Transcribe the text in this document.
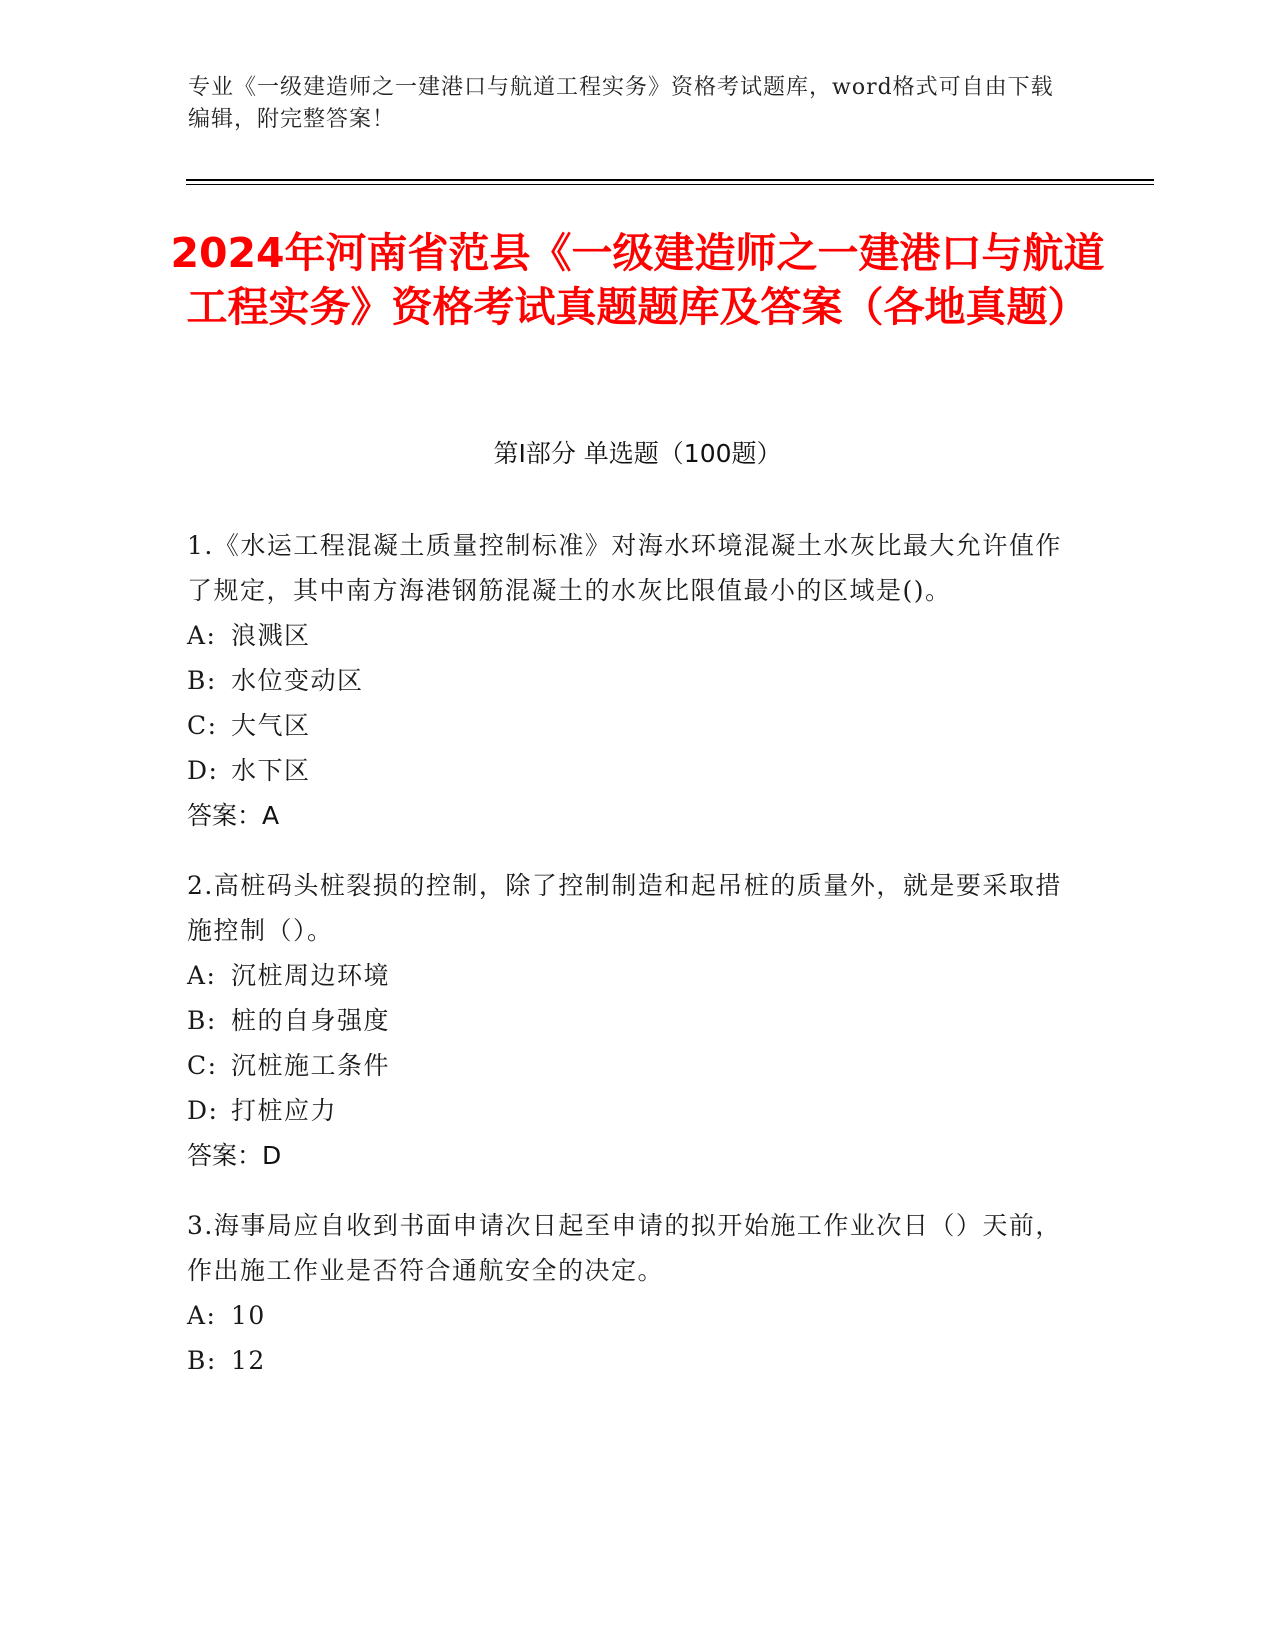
专业《一级建造师之一建港口与航道工程实务》资格考试题库，word格式可自由下载编辑，附完整答案！
2024年河南省范县《一级建造师之一建港口与航道工程实务》资格考试真题题库及答案（各地真题）
第I部分 单选题（100题）
1.《水运工程混凝土质量控制标准》对海水环境混凝土水灰比最大允许值作了规定，其中南方海港钢筋混凝土的水灰比限值最小的区域是()。
A: 浪溅区
B: 水位变动区
C: 大气区
D: 水下区
答案：A
2.高桩码头桩裂损的控制，除了控制制造和起吊桩的质量外，就是要采取措施控制（）。
A: 沉桩周边环境
B: 桩的自身强度
C: 沉桩施工条件
D: 打桩应力
答案：D
3.海事局应自收到书面申请次日起至申请的拟开始施工作业次日（）天前，作出施工作业是否符合通航安全的决定。
A: 10
B: 12
